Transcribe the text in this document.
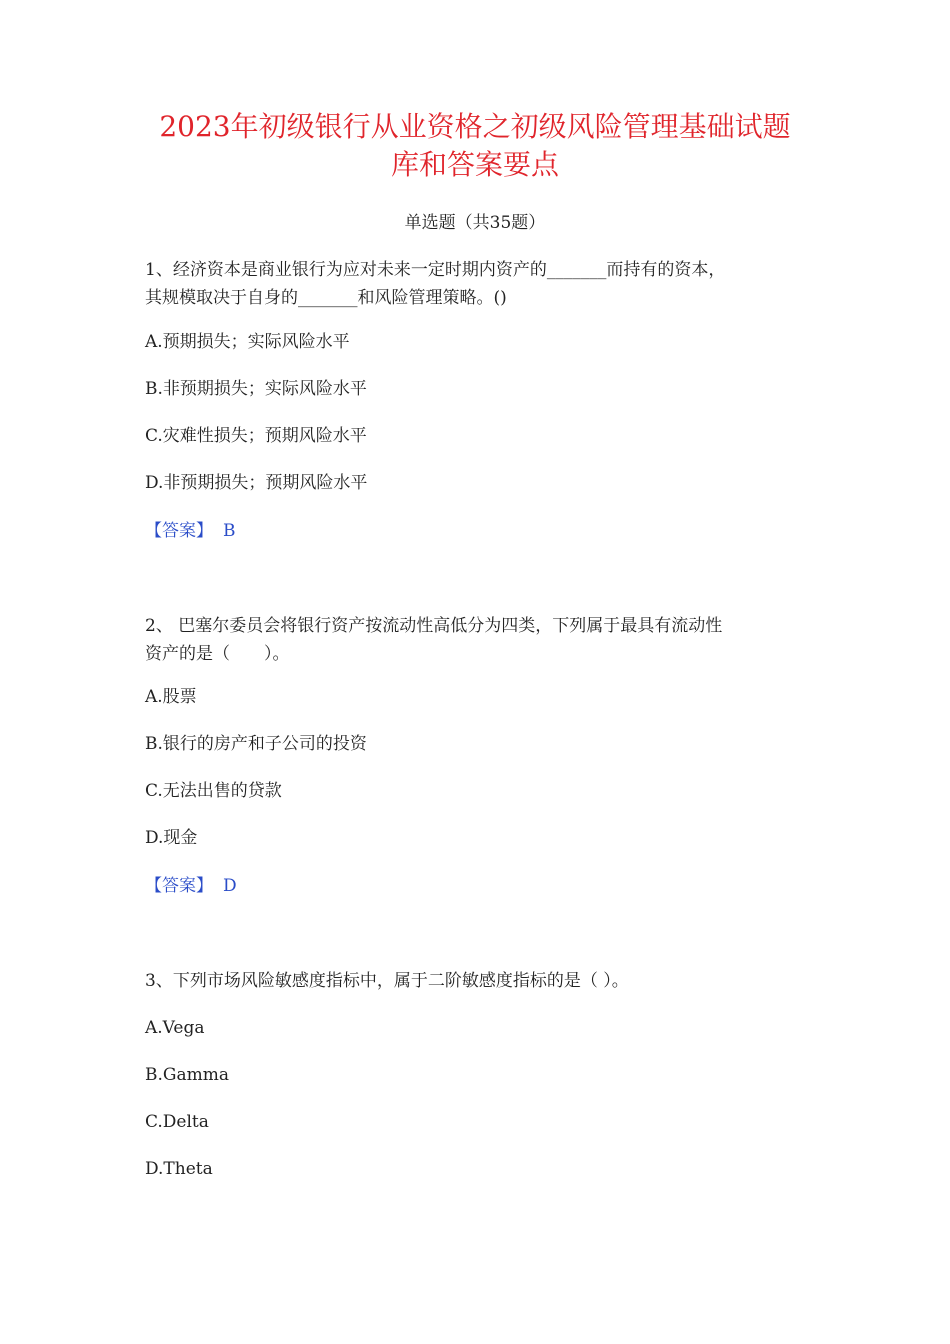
2023年初级银行从业资格之初级风险管理基础试题
库和答案要点
单选题（共35题）
1、经济资本是商业银行为应对未来一定时期内资产的_______而持有的资本，
其规模取决于自身的_______和风险管理策略。()
A.预期损失；实际风险水平
B.非预期损失；实际风险水平
C.灾难性损失；预期风险水平
D.非预期损失；预期风险水平
【答案】 B
2、 巴塞尔委员会将银行资产按流动性高低分为四类，下列属于最具有流动性
资产的是（　　）。
A.股票
B.银行的房产和子公司的投资
C.无法出售的贷款
D.现金
【答案】 D
3、下列市场风险敏感度指标中，属于二阶敏感度指标的是（ ）。
A.Vega
B.Gamma
C.Delta
D.Theta
